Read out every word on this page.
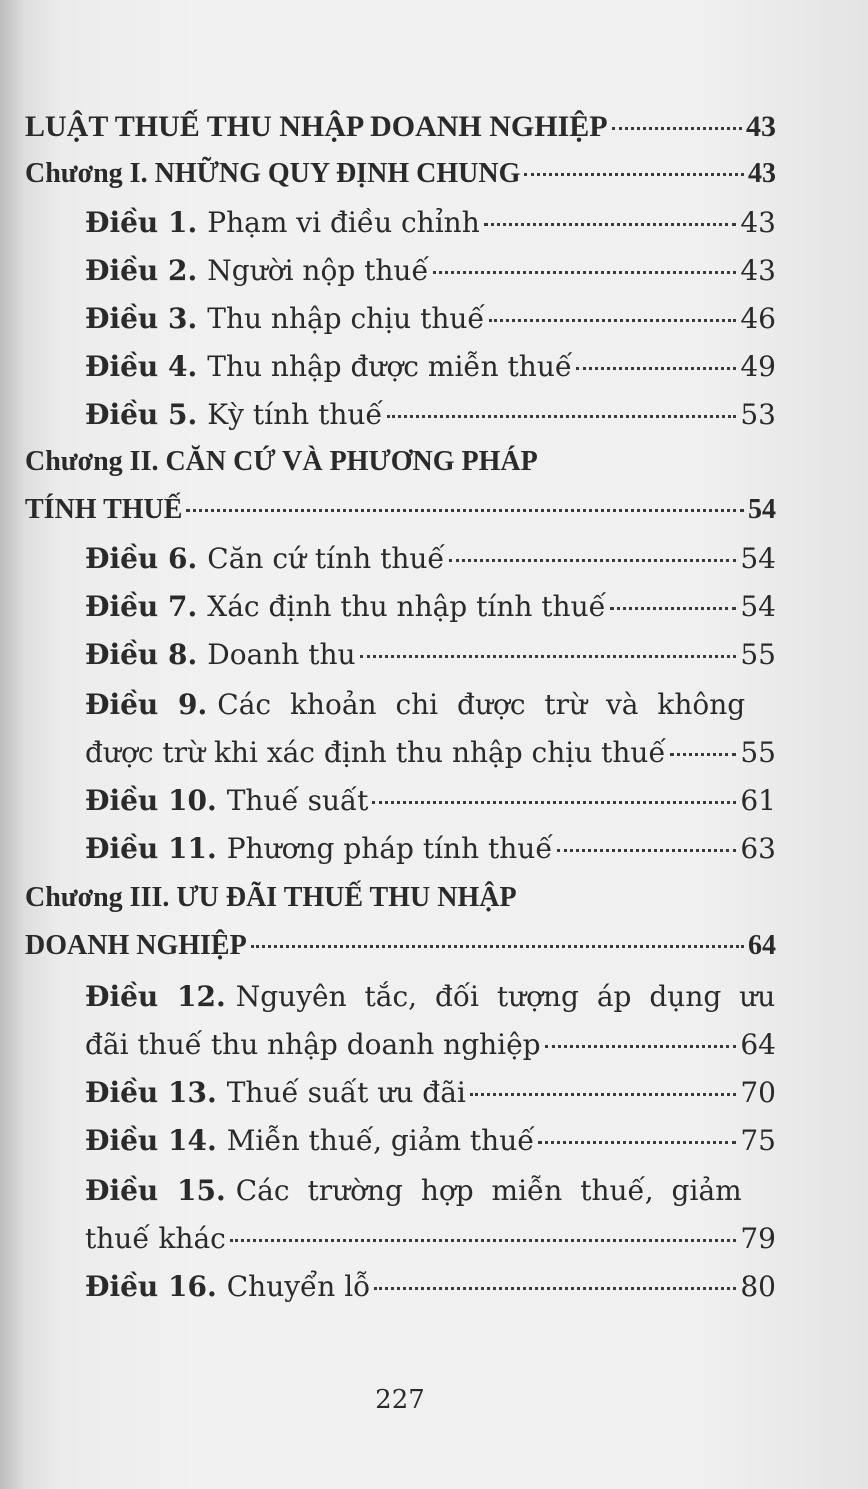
LUẬT THUẾ THU NHẬP DOANH NGHIỆP	43
Chương I. NHỮNG QUY ĐỊNH CHUNG	43
Điều 1. Phạm vi điều chỉnh	43
Điều 2. Người nộp thuế	43
Điều 3. Thu nhập chịu thuế	46
Điều 4. Thu nhập được miễn thuế	49
Điều 5. Kỳ tính thuế	53
Chương II. CĂN CỨ VÀ PHƯƠNG PHÁP
TÍNH THUẾ	54
Điều 6. Căn cứ tính thuế	54
Điều 7. Xác định thu nhập tính thuế	54
Điều 8. Doanh thu	55
Điều 9. Các khoản chi được trừ và không
được trừ khi xác định thu nhập chịu thuế	55
Điều 10. Thuế suất	61
Điều 11. Phương pháp tính thuế	63
Chương III. ƯU ĐÃI THUẾ THU NHẬP
DOANH NGHIỆP	64
Điều 12. Nguyên tắc, đối tượng áp dụng ưu
đãi thuế thu nhập doanh nghiệp	64
Điều 13. Thuế suất ưu đãi	70
Điều 14. Miễn thuế, giảm thuế	75
Điều 15. Các trường hợp miễn thuế, giảm
thuế khác	79
Điều 16. Chuyển lỗ	80
227
